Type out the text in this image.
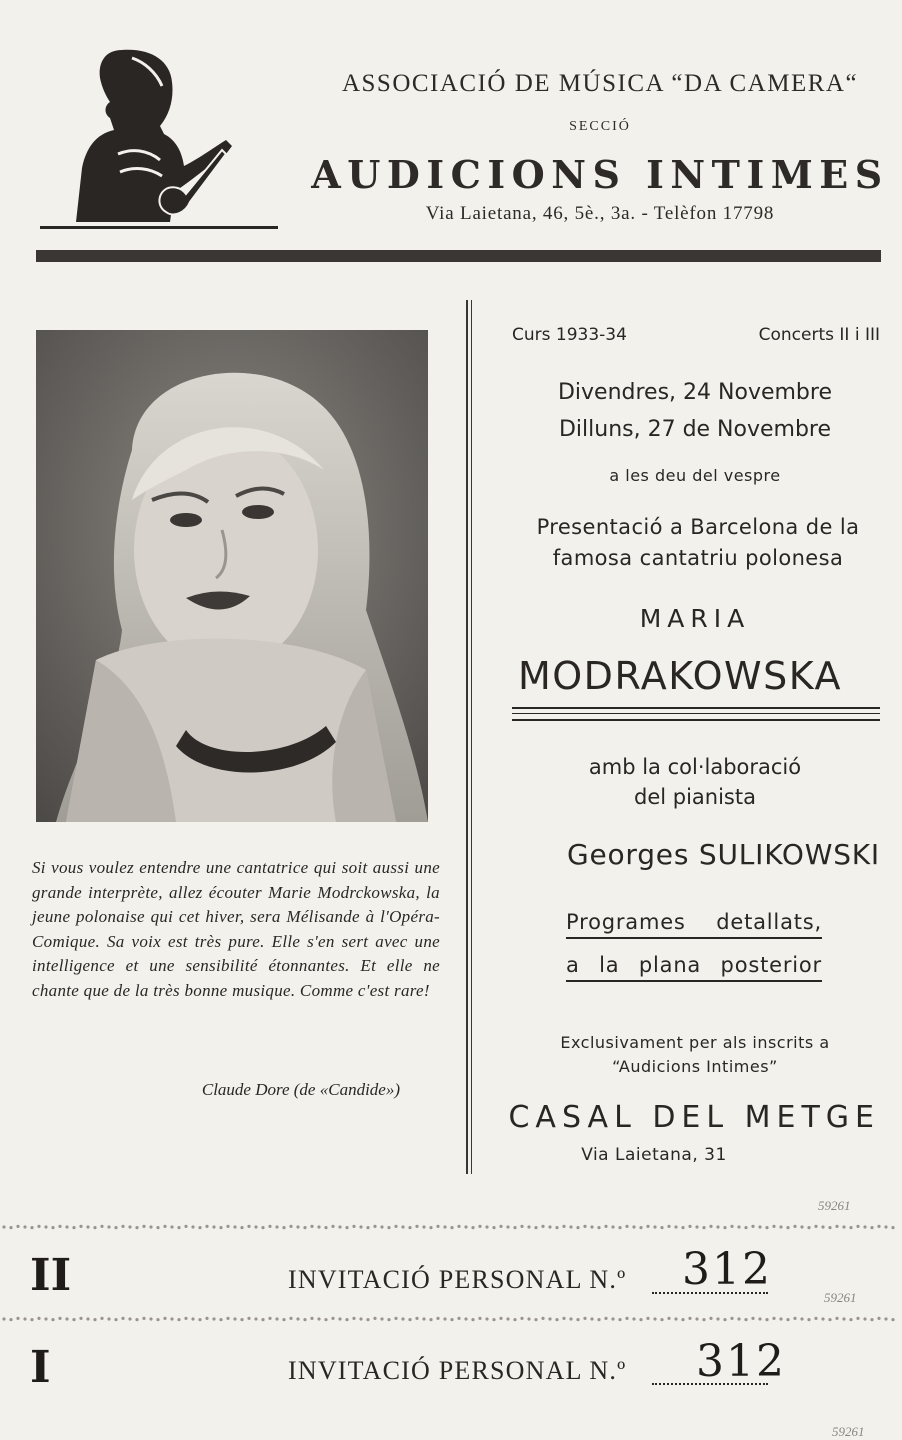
ASSOCIACIÓ DE MÚSICA “DA CAMERA“
SECCIÓ
AUDICIONS INTIMES
Via Laietana, 46, 5è., 3a. - Telèfon 17798
Si vous voulez entendre une cantatrice qui soit aussi une grande interprète, allez écouter Marie Modrckowska, la jeune polonaise qui cet hiver, sera Mélisande à l'Opéra-Comique. Sa voix est très pure. Elle s'en sert avec une intelligence et une sensibilité étonnantes. Et elle ne chante que de la très bonne musique. Comme c'est rare!
Claude Dore (de «Candide»)
Curs 1933-34	Concerts II i III
Divendres, 24 Novembre
Dilluns, 27 de Novembre
a les deu del vespre
Presentació a Barcelona de la
famosa cantatriu polonesa
MARIA
MODRAKOWSKA
amb la col·laboració
del pianista
Georges SULIKOWSKI
Programes detallats,
a la plana posterior
Exclusivament per als inscrits a
“Audicions Intimes”
CASAL DEL METGE
Via Laietana, 31
II	INVITACIÓ PERSONAL N.º 312
I	INVITACIÓ PERSONAL N.º 312
59261
59261
59261
